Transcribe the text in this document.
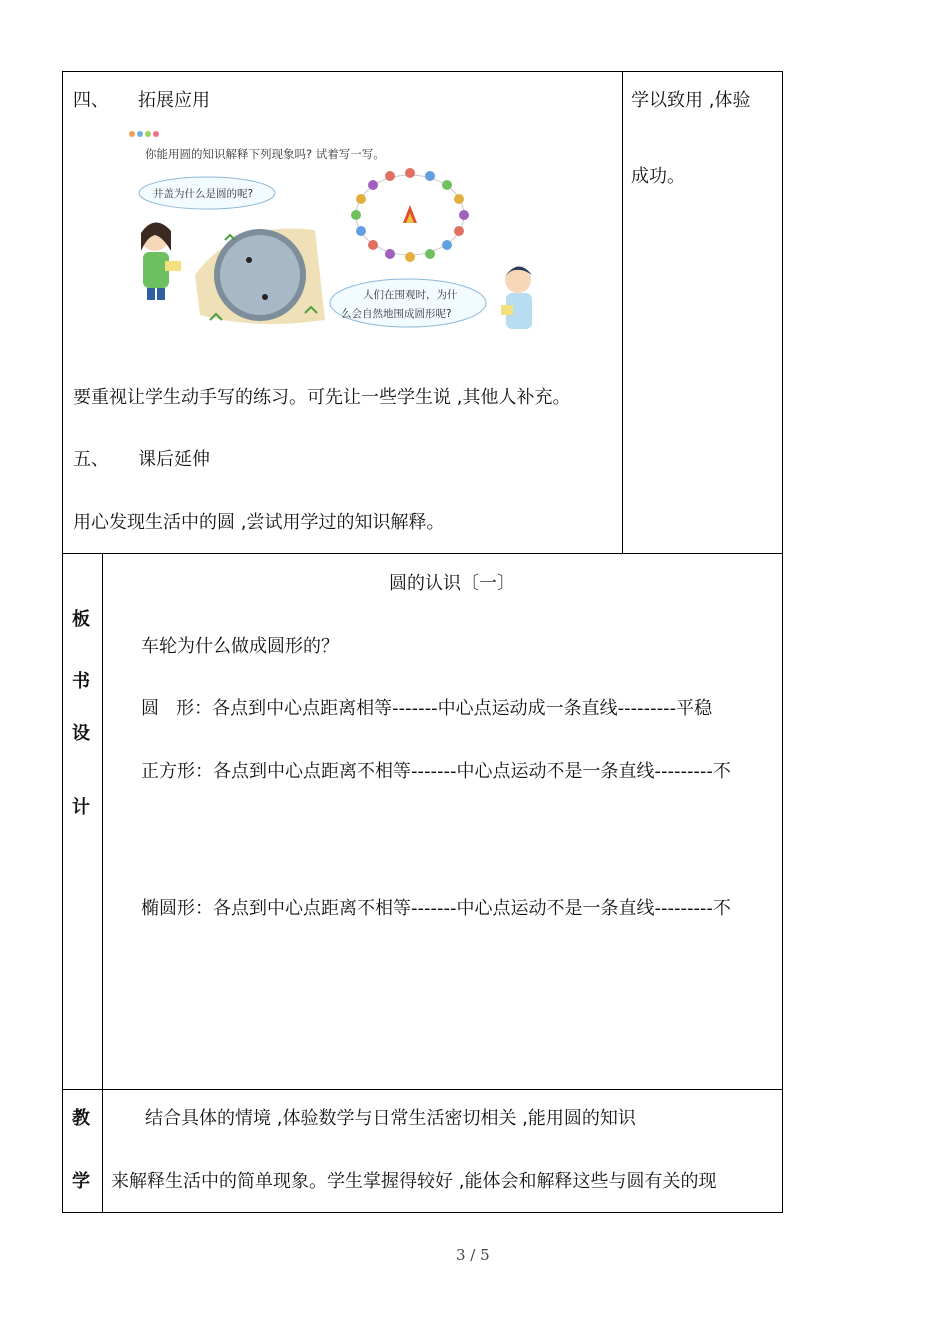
四、 拓展应用	学以致用 ,体验
成功。
你能用圆的知识解释下列现象吗? 试着写一写。
井盖为什么是圆的呢?
人们在围观时，为什
么会自然地围成圆形呢?
要重视让学生动手写的练习。可先让一些学生说 ,其他人补充。
五、 课后延伸
用心发现生活中的圆 ,尝试用学过的知识解释。
板
书
设
计
圆的认识〔一〕
车轮为什么做成圆形的？
圆   形：各点到中心点距离相等-------中心点运动成一条直线---------平稳
正方形：各点到中心点距离不相等-------中心点运动不是一条直线---------不
椭圆形：各点到中心点距离不相等-------中心点运动不是一条直线---------不
教
学
结合具体的情境 ,体验数学与日常生活密切相关 ,能用圆的知识
来解释生活中的简单现象。学生掌握得较好 ,能体会和解释这些与圆有关的现
3 / 5
